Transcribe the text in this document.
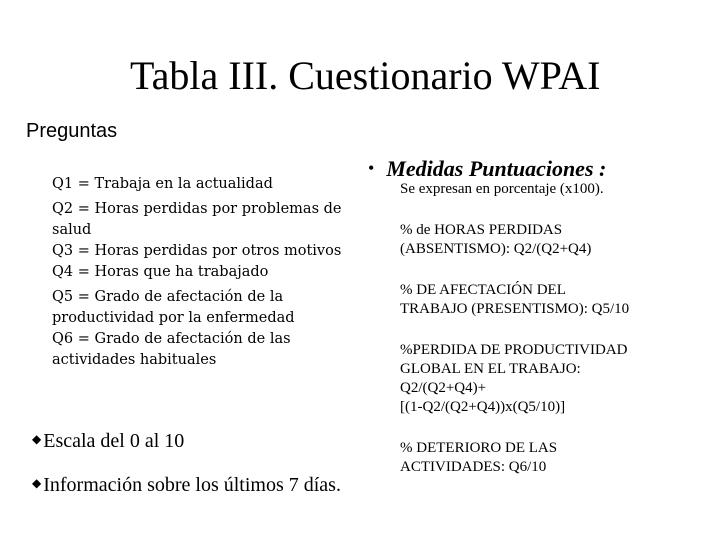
Tabla III. Cuestionario WPAI
Preguntas
Q1 = Trabaja en la actualidad
Q2 = Horas perdidas por problemas de salud
Q3 = Horas perdidas por otros motivos
Q4 = Horas que ha trabajado
Q5 = Grado de afectación de la productividad por la enfermedad
Q6 = Grado de afectación de las actividades habituales
◆ Escala del 0 al 10
◆ Información sobre los últimos 7 días.
• Medidas Puntuaciones :
Se expresan en porcentaje (x100).
% de HORAS PERDIDAS
(ABSENTISMO): Q2/(Q2+Q4)
% DE AFECTACIÓN DEL
TRABAJO (PRESENTISMO): Q5/10
%PERDIDA DE PRODUCTIVIDAD
GLOBAL EN EL TRABAJO:
Q2/(Q2+Q4)+
[(1-Q2/(Q2+Q4))x(Q5/10)]
% DETERIORO DE LAS
ACTIVIDADES: Q6/10
